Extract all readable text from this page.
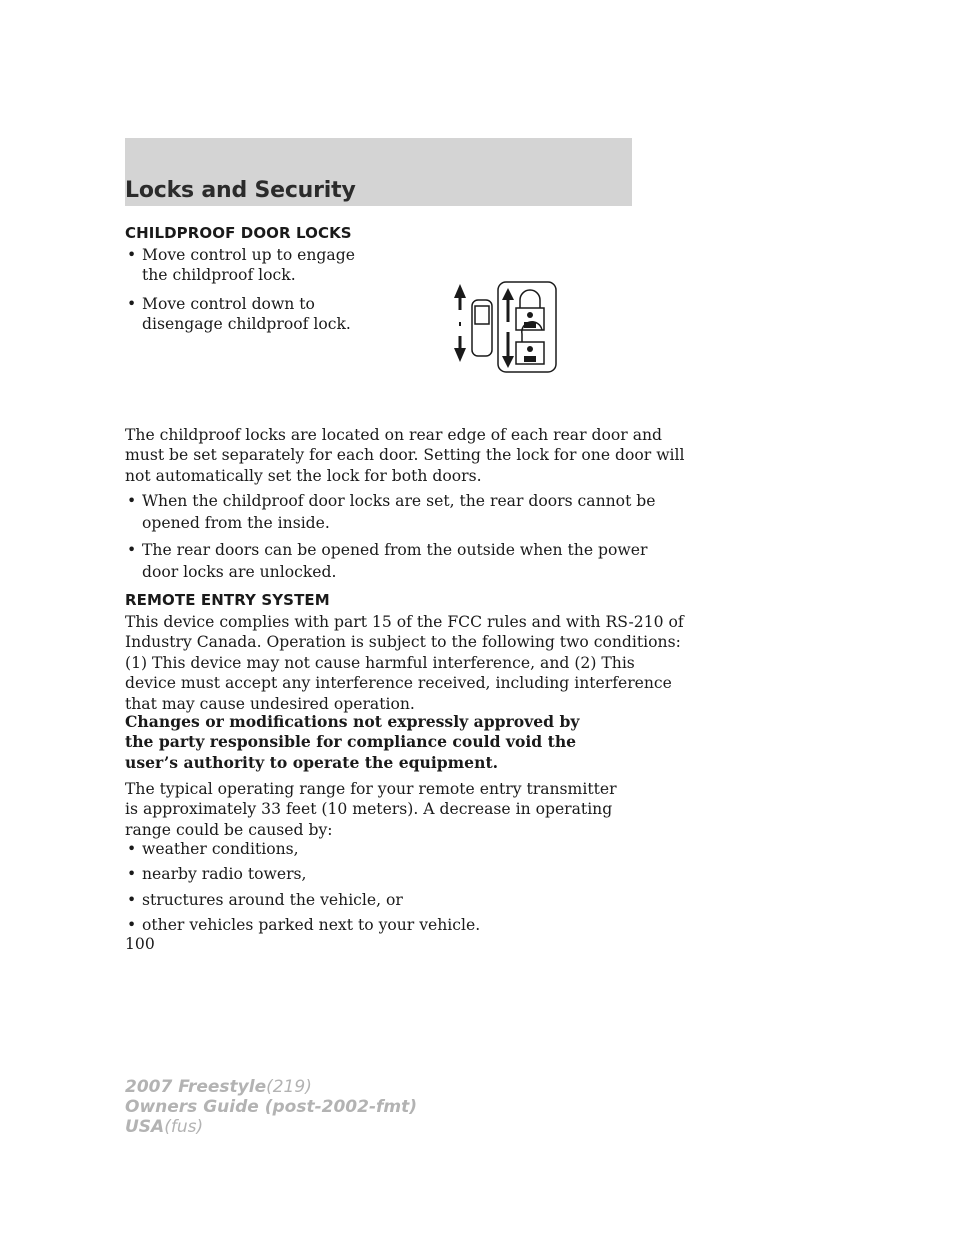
Locks and Security
CHILDPROOF DOOR LOCKS
• Move control up to engage the childproof lock.
• Move control down to disengage childproof lock.
The childproof locks are located on rear edge of each rear door and must be set separately for each door. Setting the lock for one door will not automatically set the lock for both doors.
• When the childproof door locks are set, the rear doors cannot be opened from the inside.
• The rear doors can be opened from the outside when the power door locks are unlocked.
REMOTE ENTRY SYSTEM
This device complies with part 15 of the FCC rules and with RS-210 of Industry Canada. Operation is subject to the following two conditions: (1) This device may not cause harmful interference, and (2) This device must accept any interference received, including interference that may cause undesired operation.
Changes or modifications not expressly approved by the party responsible for compliance could void the user’s authority to operate the equipment.
The typical operating range for your remote entry transmitter is approximately 33 feet (10 meters). A decrease in operating range could be caused by:
• weather conditions,
• nearby radio towers,
• structures around the vehicle, or
• other vehicles parked next to your vehicle.
100
2007 Freestyle(219)
Owners Guide (post-2002-fmt)
USA(fus)
